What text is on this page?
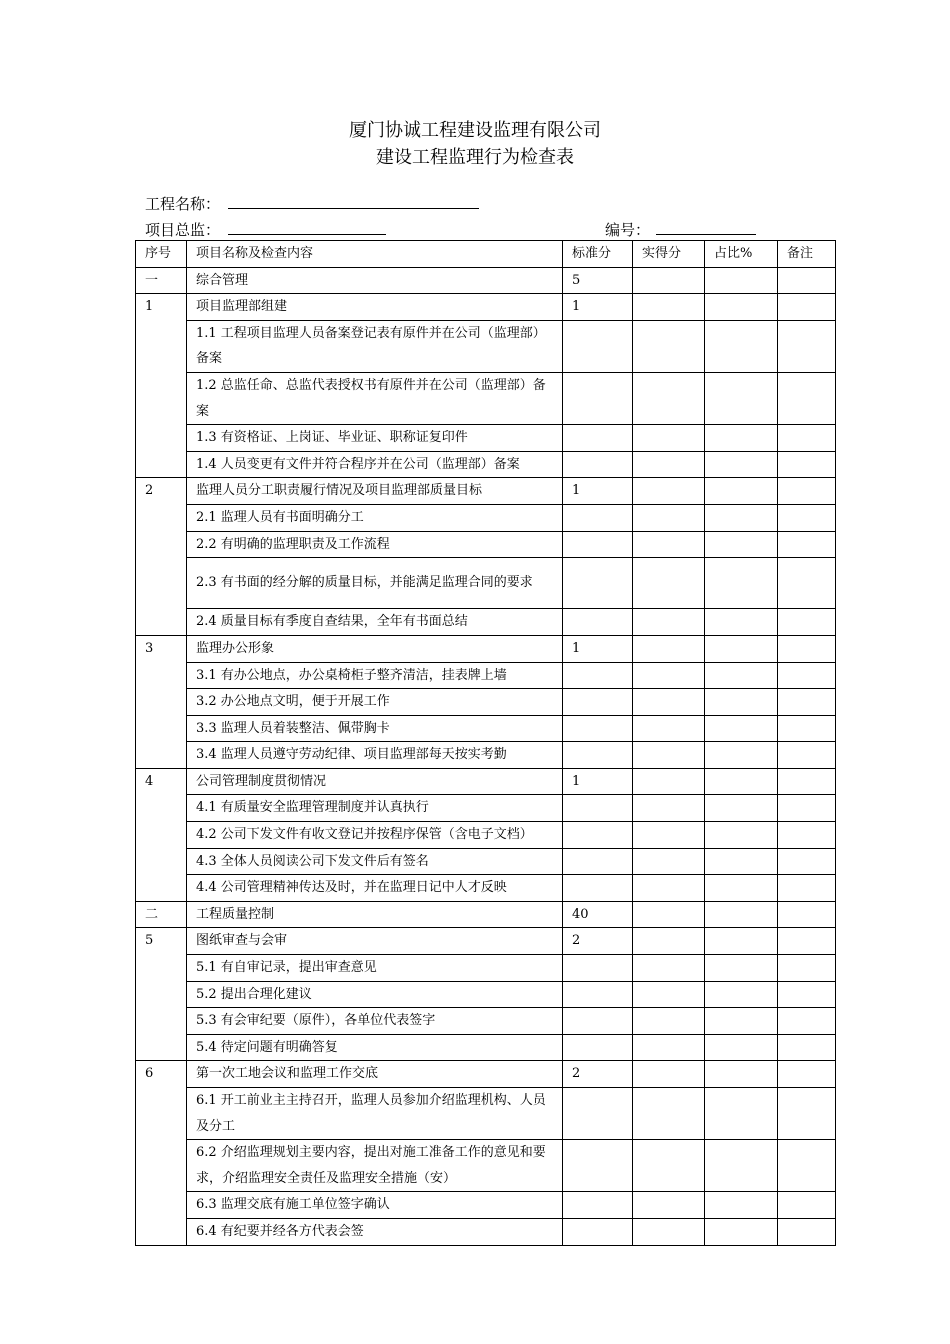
厦门协诚工程建设监理有限公司
建设工程监理行为检查表
工程名称：
项目总监：	编号：
序号	项目名称及检查内容	标准分	实得分	占比%	备注
一	综合管理	5			
1	项目监理部组建	1			
	1.1 工程项目监理人员备案登记表有原件并在公司（监理部）备案				
	1.2 总监任命、总监代表授权书有原件并在公司（监理部）备案				
	1.3 有资格证、上岗证、毕业证、职称证复印件				
	1.4 人员变更有文件并符合程序并在公司（监理部）备案				
2	监理人员分工职责履行情况及项目监理部质量目标	1			
	2.1 监理人员有书面明确分工				
	2.2 有明确的监理职责及工作流程				
	2.3 有书面的经分解的质量目标，并能满足监理合同的要求				
	2.4 质量目标有季度自查结果，全年有书面总结				
3	监理办公形象	1			
	3.1 有办公地点，办公桌椅柜子整齐清洁，挂表牌上墙				
	3.2 办公地点文明，便于开展工作				
	3.3 监理人员着装整洁、佩带胸卡				
	3.4 监理人员遵守劳动纪律、项目监理部每天按实考勤				
4	公司管理制度贯彻情况	1			
	4.1 有质量安全监理管理制度并认真执行				
	4.2 公司下发文件有收文登记并按程序保管（含电子文档）				
	4.3 全体人员阅读公司下发文件后有签名				
	4.4 公司管理精神传达及时，并在监理日记中人才反映				
二	工程质量控制	40			
5	图纸审查与会审	2			
	5.1 有自审记录，提出审查意见				
	5.2 提出合理化建议				
	5.3 有会审纪要（原件），各单位代表签字				
	5.4 待定问题有明确答复				
6	第一次工地会议和监理工作交底	2			
	6.1 开工前业主主持召开，监理人员参加介绍监理机构、人员及分工				
	6.2 介绍监理规划主要内容，提出对施工准备工作的意见和要求，介绍监理安全责任及监理安全措施（安）				
	6.3 监理交底有施工单位签字确认				
	6.4 有纪要并经各方代表会签				
